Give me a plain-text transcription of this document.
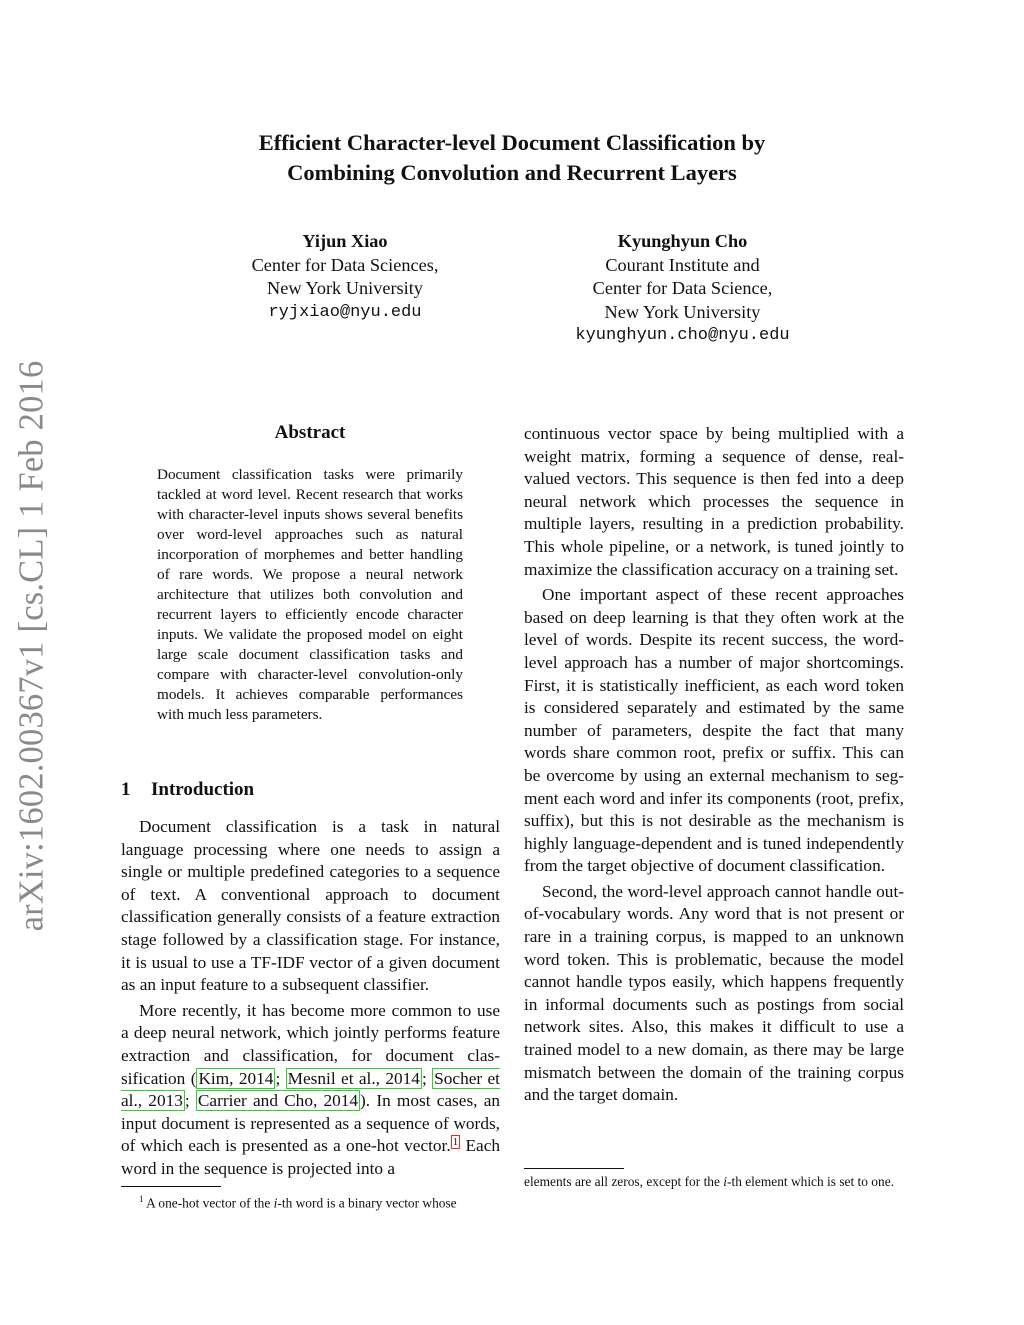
arXiv:1602.00367v1 [cs.CL] 1 Feb 2016
Efficient Character-level Document Classification by
Combining Convolution and Recurrent Layers
Yijun Xiao
Center for Data Sciences,
New York University
ryjxiao@nyu.edu
Kyunghyun Cho
Courant Institute and
Center for Data Science,
New York University
kyunghyun.cho@nyu.edu
Abstract
Document classification tasks were primarily tackled at word level. Recent research that works with character-level inputs shows several benefits over word-level approaches such as natural incorporation of morphemes and better handling of rare words. We propose a neural network architecture that utilizes both convolution and recurrent layers to efficiently encode character inputs. We validate the proposed model on eight large scale document classification tasks and compare with character-level convolution-only models. It achieves comparable performances with much less parameters.
1 Introduction

Document classification is a task in natural language processing where one needs to assign a single or multiple predefined categories to a sequence of text. A conventional approach to document classification generally consists of a feature extraction stage followed by a classification stage. For instance, it is usual to use a TF-IDF vector of a given document as an input feature to a subsequent classifier.

More recently, it has become more common to use a deep neural network, which jointly performs feature extraction and classification, for document classification ( Kim, 2014 ; Mesnil et al., 2014 ; Socher et al., 2013 ; Carrier and Cho, 2014 ). In most cases, an input document is represented as a sequence of words, of which each is presented as a one-hot vector. $^1$ Each word in the sequence is projected into a

continuous vector space by being multiplied with a weight matrix, forming a sequence of dense, real-valued vectors. This sequence is then fed into a deep neural network which processes the sequence in multiple layers, resulting in a prediction probability. This whole pipeline, or a network, is tuned jointly to maximize the classification accuracy on a training set.

One important aspect of these recent approaches based on deep learning is that they often work at the level of words. Despite its recent success, the word-level approach has a number of major shortcomings. First, it is statistically inefficient, as each word token is considered separately and estimated by the same number of parameters, despite the fact that many words share common root, prefix or suffix. This can be overcome by using an external mechanism to segment each word and infer its components (root, prefix, suffix), but this is not desirable as the mechanism is highly language-dependent and is tuned independently from the target objective of document classification.

Second, the word-level approach cannot handle out-of-vocabulary words. Any word that is not present or rare in a training corpus, is mapped to an unknown word token. This is problematic, because the model cannot handle typos easily, which happens frequently in informal documents such as postings from social network sites. Also, this makes it difficult to use a trained model to a new domain, as there may be large mismatch between the domain of the training corpus and the target domain.

$^1$ A one-hot vector of the i-th word is a binary vector whose
elements are all zeros, except for the i-th element which is set to one.
